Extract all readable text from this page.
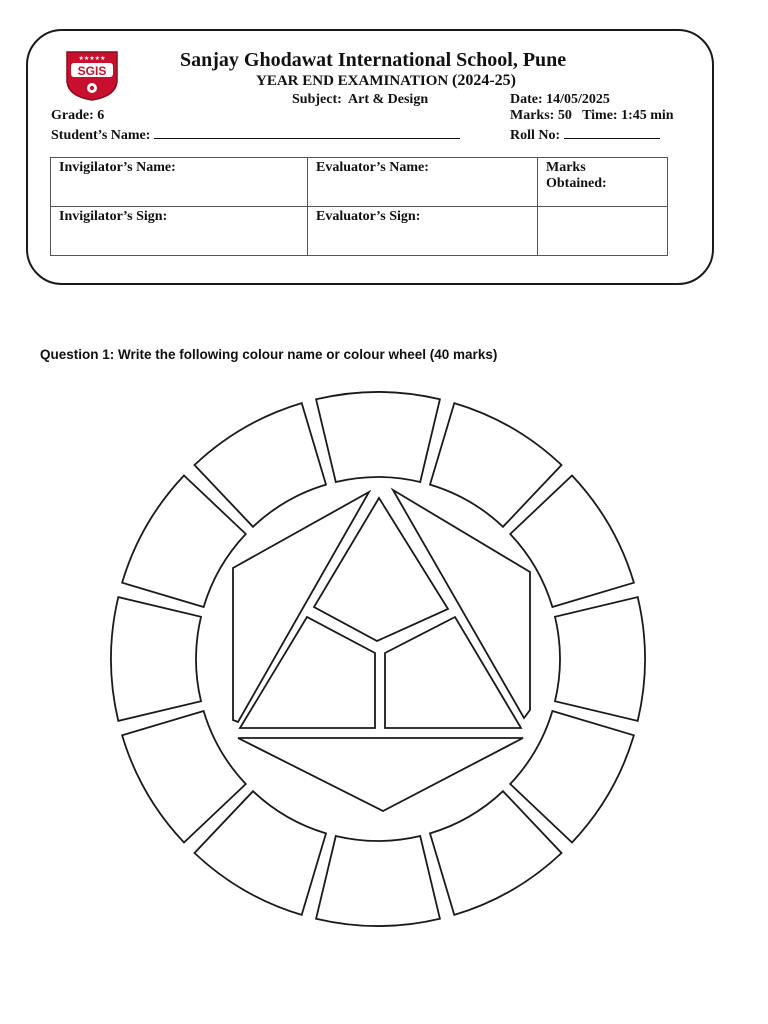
★★★★★
SGIS	Sanjay Ghodawat International School, Pune
YEAR END EXAMINATION (2024-25)
Subject: Art & Design	Date: 14/05/2025
Grade: 6	Marks: 50 Time: 1:45 min
Student’s Name:	Roll No:
Invigilator’s Name:	Evaluator’s Name:	Marks
Obtained:

Invigilator’s Sign:	Evaluator’s Sign:	
Question 1: Write the following colour name or colour wheel (40 marks)
